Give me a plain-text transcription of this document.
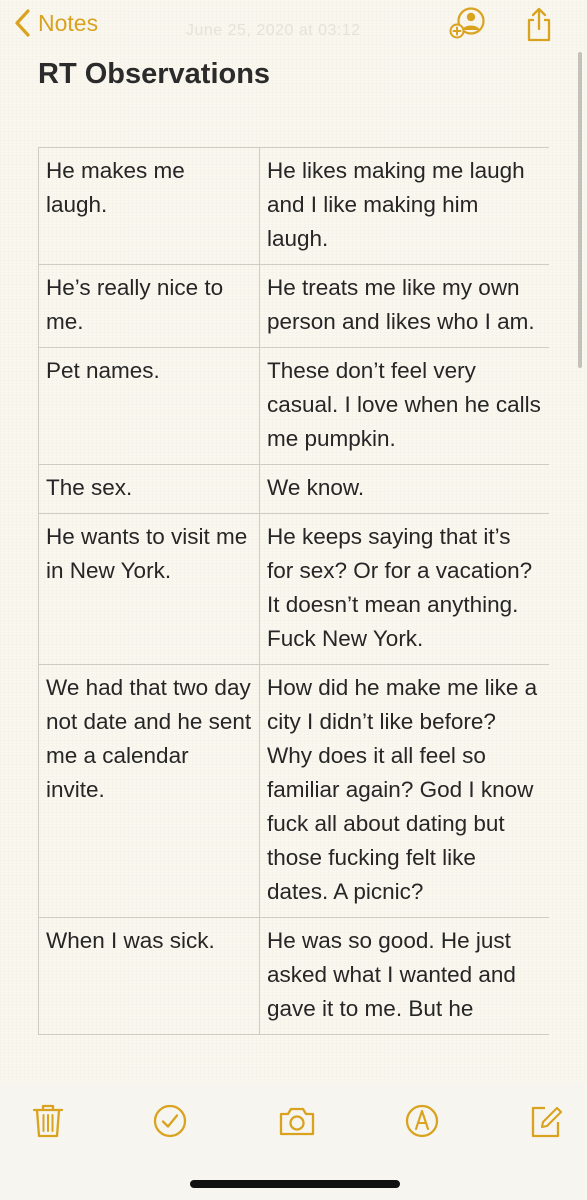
Notes	June 25, 2020 at 03:12
RT Observations
He makes me laugh.	He likes making me laugh and I like making him laugh.
He’s really nice to me.	He treats me like my own person and likes who I am.
Pet names.	These don’t feel very casual. I love when he calls me pumpkin.
The sex.	We know.
He wants to visit me in New York.	He keeps saying that it’s for sex? Or for a vacation? It doesn’t mean anything. Fuck New York.
We had that two day not date and he sent me a calendar invite.	How did he make me like a city I didn’t like before? Why does it all feel so familiar again? God I know fuck all about dating but those fucking felt like dates. A picnic?
When I was sick.	He was so good. He just asked what I wanted and gave it to me. But he
